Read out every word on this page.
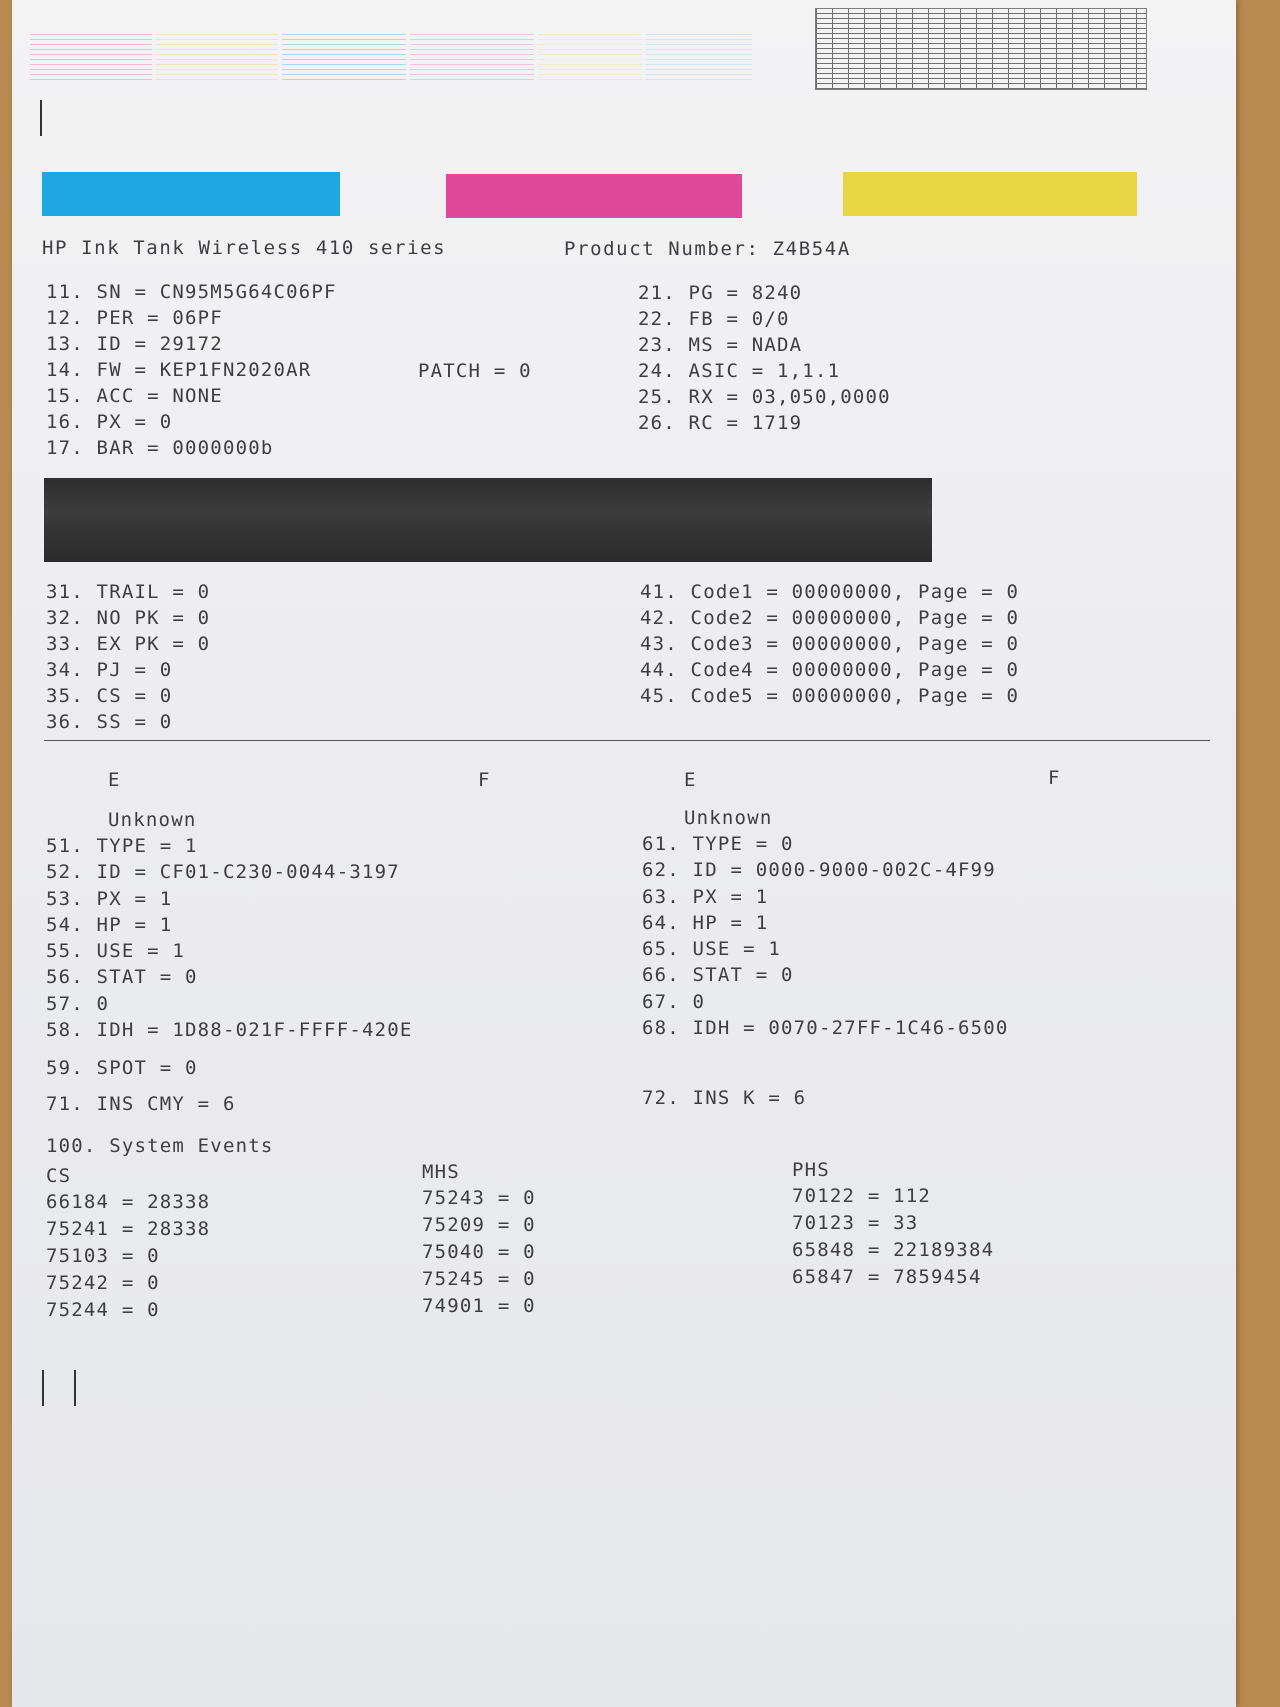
HP Ink Tank Wireless 410 series	Product Number: Z4B54A
11. SN = CN95M5G64C06PF
12. PER = 06PF
13. ID = 29172
14. FW = KEP1FN2020AR
15. ACC = NONE
16. PX = 0
17. BAR = 0000000b
PATCH = 0
21. PG = 8240
22. FB = 0/0
23. MS = NADA
24. ASIC = 1,1.1
25. RX = 03,050,0000
26. RC = 1719
31. TRAIL = 0
32. NO PK = 0
33. EX PK = 0
34. PJ = 0
35. CS = 0
36. SS = 0
41. Code1 = 00000000, Page = 0
42. Code2 = 00000000, Page = 0
43. Code3 = 00000000, Page = 0
44. Code4 = 00000000, Page = 0
45. Code5 = 00000000, Page = 0
E	F
Unknown
51. TYPE = 1
52. ID = CF01-C230-0044-3197
53. PX = 1
54. HP = 1
55. USE = 1
56. STAT = 0
57. 0
58. IDH = 1D88-021F-FFFF-420E
59. SPOT = 0
E	F
Unknown
61. TYPE = 0
62. ID = 0000-9000-002C-4F99
63. PX = 1
64. HP = 1
65. USE = 1
66. STAT = 0
67. 0
68. IDH = 0070-27FF-1C46-6500
71. INS CMY = 6	72. INS K = 6
100. System Events
CS
66184 = 28338
75241 = 28338
75103 = 0
75242 = 0
75244 = 0
MHS
75243 = 0
75209 = 0
75040 = 0
75245 = 0
74901 = 0
PHS
70122 = 112
70123 = 33
65848 = 22189384
65847 = 7859454
